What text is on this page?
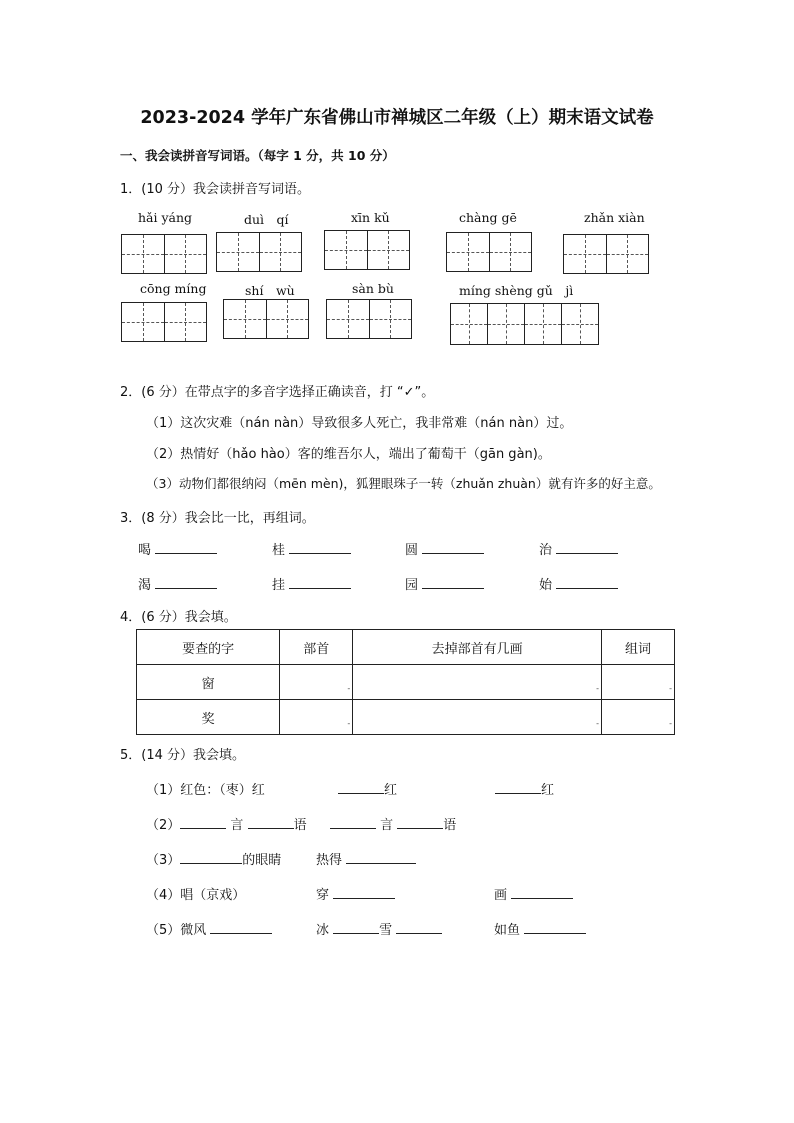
2023-2024 学年广东省佛山市禅城区二年级（上）期末语文试卷
一、我会读拼音写词语。（每字 1 分，共 10 分）
1．(10 分）我会读拼音写词语。
hǎi yáng	duì　qí	xīn kǔ	chàng gē	zhǎn xiàn
cōng míng	shí　wù	sàn bù	míng shèng gǔ　jì
2．(6 分）在带点字的多音字选择正确读音，打 “✓”。
（1）这次灾难（nán nàn）导致很多人死亡，我非常难（nán nàn）过。
（2）热情好（hǎo hào）客的维吾尔人，端出了葡萄干（gān gàn)。
（3）动物们都很纳闷（mēn mèn)，狐狸眼珠子一转（zhuǎn zhuàn）就有许多的好主意。
3．(8 分）我会比一比，再组词。
喝	桂	圆	治
渴	挂	园	始
4．(6 分）我会填。
要查的字	部首	去掉部首有几画	组词
窗	-	-	-

奖	-	-	-
5．(14 分）我会填。
（1）红色：（枣）红	红	红
（2）	言	语	言	语
（3）	的眼睛	热得
（4）唱（京戏）	穿	画
（5）微风	冰	雪	如鱼
